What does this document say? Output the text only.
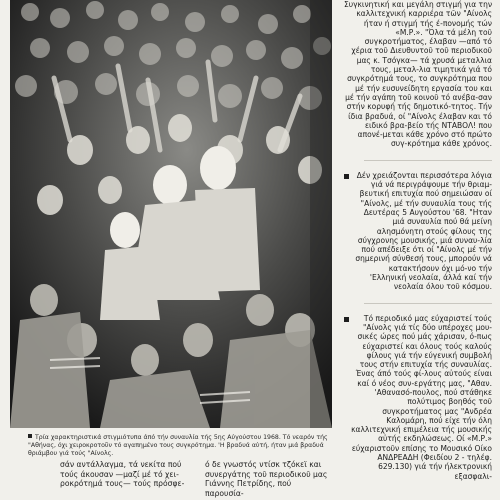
Τρία χαρακτηριστικά στιγμιότυπα άπό τήν συναυλία τής 5ης Αὐγούστου 1968. Τό νεαρόν τής "Αθήνας, όχι χειροκροτοῦν τό αγαπημένο τους συγκρότημα. 'Η βραδυά αὐτή, ήταν μιά βραδυά θριάμβου γιά τούς "Αίνολς.

σάν αντάλλαγμα, τά νεκίτα πού τούς άκουσαν —μαζί μέ τό χει-ροκρότημά τους— τούς πρόσφε-

ό δε γνωστός ντίσκ τζόκεϊ και συνεργάτης τοῦ περιοδικοῦ μας Γιάννης Πετρίδης, πού παρουσία-

Συγκινητική και μεγάλη στιγμή για την καλλιτεχνική καρριέρα τῶν "Αίνολς ήταν ή στιγμή τής έ-πονομής τών «Μ.Ρ.». "Όλα τά μέλη τοῦ συγκροτήματος, έλαβαν —από τό χέρια τοῦ Διευθυντοῦ τοῦ περιοδικοῦ μας κ. Τσόγκα— τά χρυσά μεταλλια τους, μεταλ-λια τιμητικά γιά τό συγκρότημά τους, το συγκρότημα που μέ τήν ευσυνείδητη εργασία του και μέ τήν αγάπη τοῦ κοινοῦ τό ανέβα-σαν στήν κορυφή τής δημοτικό-τητος. Τήν ίδια βραδυά, οί "Αίνολς έλαβαν και τό ειδικό βρα-βείο τής ΝΤΑΒΟΛ! που απονέ-μεται κάθε χρόνο στό πρώτο συγ-κρότημα κάθε χρόνος.

Δέν χρειάζονται περισσότερα λόγια γιά νά περιγράψουμε τήν θριαμ-βευτική επιτυχία πού σημειώσαν οί "Αίνολς, μέ τήν συναυλία τους τής Δευτέρας 5 Αυγούστου '68. "Ηταν μιά συναυλία πού θά μείνη αλησμόνητη στούς φίλους της σύγχρονης μουσικής, μιά συναυ-λία πού απέδειξε ότι οί "Αίνολς μέ τήν σημερινή σύνθεσή τους, μπορούν νά κατακτήσουν όχι μό-νο τήν 'Ελληνική νεολαία, άλλά καί τήν νεολαία όλου τοῦ κόσμου.

Τό περιοδικό μας εύχαριστεί τούς "Αίνολς γιά τίς δύο υπέροχες μου-σικές ώρες πού μάς χάρισαν, ό-πως εύχαριστεί και όλους τούς καλούς φίλους γιά τήν εύγενική συμβολή τους στήν επιτυχία τής συναυλίας. Ένας άπό τούς φί-λους αὐτούς είναι καί ό νέος συν-εργάτης μας, "Αθαν. 'Αθανασό-πουλος, πού στάθηκε πολύτιμος βοηθός τοῦ συγκροτήματος μας "Ανδρέα Καλομάρη, πού είχε τήν όλη καλλιτεχνική επιμέλεια τής μουσικής αὐτής εκδηλώσεως. Οί «Μ.Ρ.» εύχαριστοῦν επίσης το Μουσικό Οίκο ΑΝΔΡΕΑΔΗ (Φειδίου 2 - τηλέφ. 629.130) γιά τήν ήλεκτρονική εξασφαλι-
